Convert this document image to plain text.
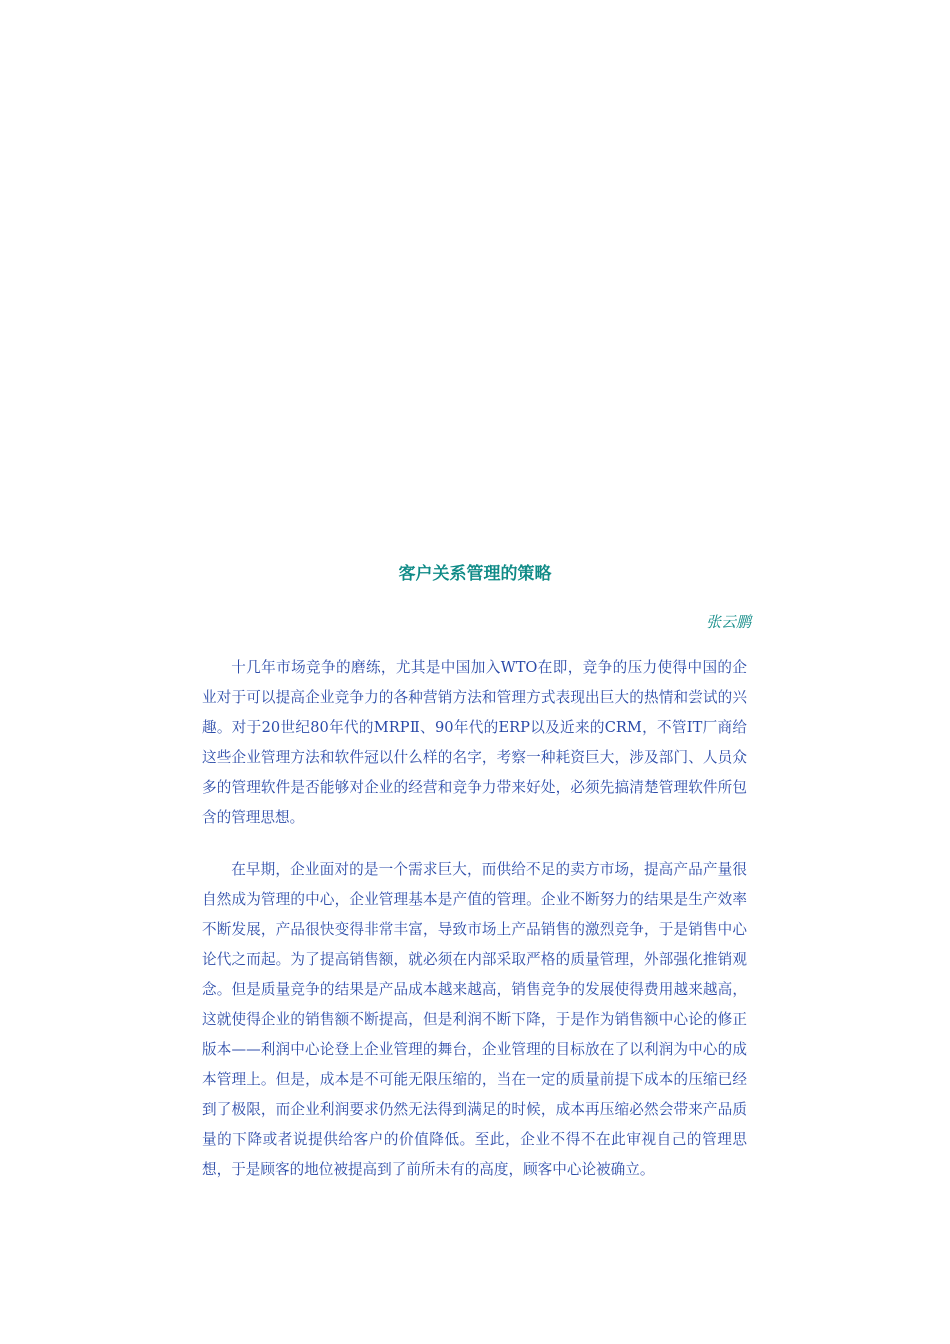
客户关系管理的策略
张云鹏

十几年市场竞争的磨练，尤其是中国加入WTO在即，竞争的压力使得中国的企业对于可以提高企业竞争力的各种营销方法和管理方式表现出巨大的热情和尝试的兴趣。对于20世纪80年代的MRPⅡ、90年代的ERP以及近来的CRM，不管IT厂商给这些企业管理方法和软件冠以什么样的名字，考察一种耗资巨大，涉及部门、人员众多的管理软件是否能够对企业的经营和竞争力带来好处，必须先搞清楚管理软件所包含的管理思想。

在早期，企业面对的是一个需求巨大，而供给不足的卖方市场，提高产品产量很自然成为管理的中心，企业管理基本是产值的管理。企业不断努力的结果是生产效率不断发展，产品很快变得非常丰富，导致市场上产品销售的激烈竞争，于是销售中心论代之而起。为了提高销售额，就必须在内部采取严格的质量管理，外部强化推销观念。但是质量竞争的结果是产品成本越来越高，销售竞争的发展使得费用越来越高，这就使得企业的销售额不断提高，但是利润不断下降，于是作为销售额中心论的修正版本——利润中心论登上企业管理的舞台，企业管理的目标放在了以利润为中心的成本管理上。但是，成本是不可能无限压缩的，当在一定的质量前提下成本的压缩已经到了极限，而企业利润要求仍然无法得到满足的时候，成本再压缩必然会带来产品质量的下降或者说提供给客户的价值降低。至此，企业不得不在此审视自己的管理思想，于是顾客的地位被提高到了前所未有的高度，顾客中心论被确立。
